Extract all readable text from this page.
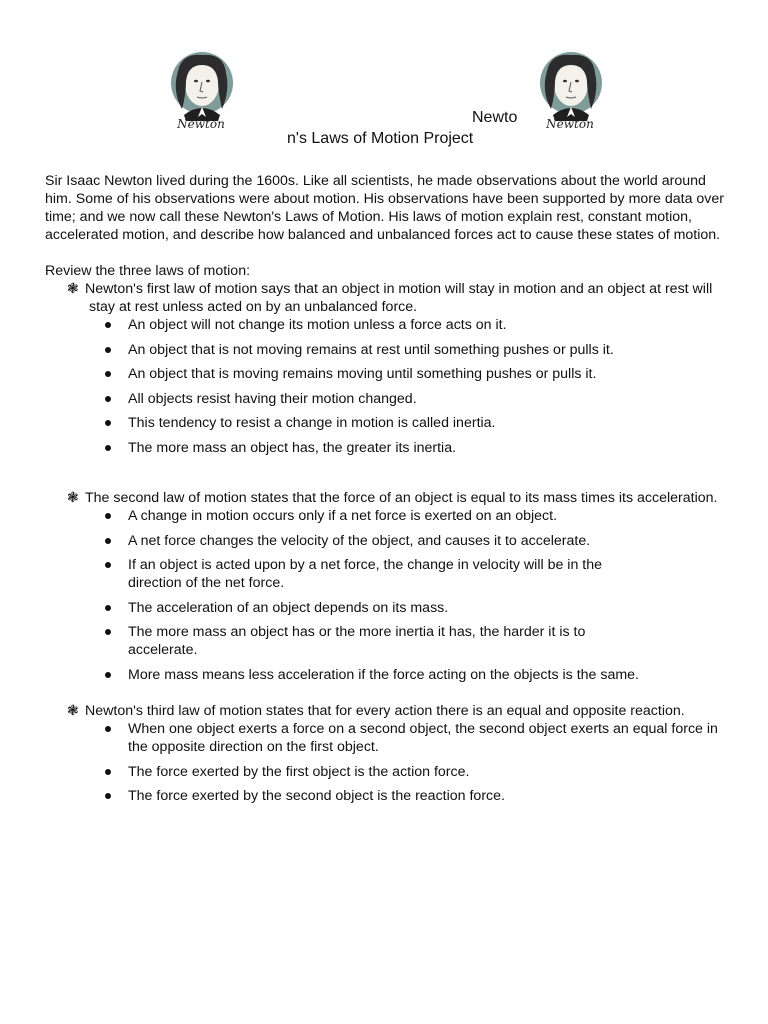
Newton	Newton
Newto
n's Laws of Motion Project

Sir Isaac Newton lived during the 1600s. Like all scientists, he made observations about the world around him. Some of his observations were about motion. His observations have been supported by more data over time; and we now call these Newton's Laws of Motion. His laws of motion explain rest, constant motion, accelerated motion, and describe how balanced and unbalanced forces act to cause these states of motion.

Review the three laws of motion:

❃ Newton's first law of motion says that an object in motion will stay in motion and an object at rest will stay at rest unless acted on by an unbalanced force.

An object will not change its motion unless a force acts on it.
An object that is not moving remains at rest until something pushes or pulls it.
An object that is moving remains moving until something pushes or pulls it.
All objects resist having their motion changed.
This tendency to resist a change in motion is called inertia.
The more mass an object has, the greater its inertia.

❃ The second law of motion states that the force of an object is equal to its mass times its acceleration.

A change in motion occurs only if a net force is exerted on an object.
A net force changes the velocity of the object, and causes it to accelerate.
If an object is acted upon by a net force, the change in velocity will be in the direction of the net force.
The acceleration of an object depends on its mass.
The more mass an object has or the more inertia it has, the harder it is to accelerate.
More mass means less acceleration if the force acting on the objects is the same.

❃ Newton's third law of motion states that for every action there is an equal and opposite reaction.

When one object exerts a force on a second object, the second object exerts an equal force in the opposite direction on the first object.
The force exerted by the first object is the action force.
The force exerted by the second object is the reaction force.
